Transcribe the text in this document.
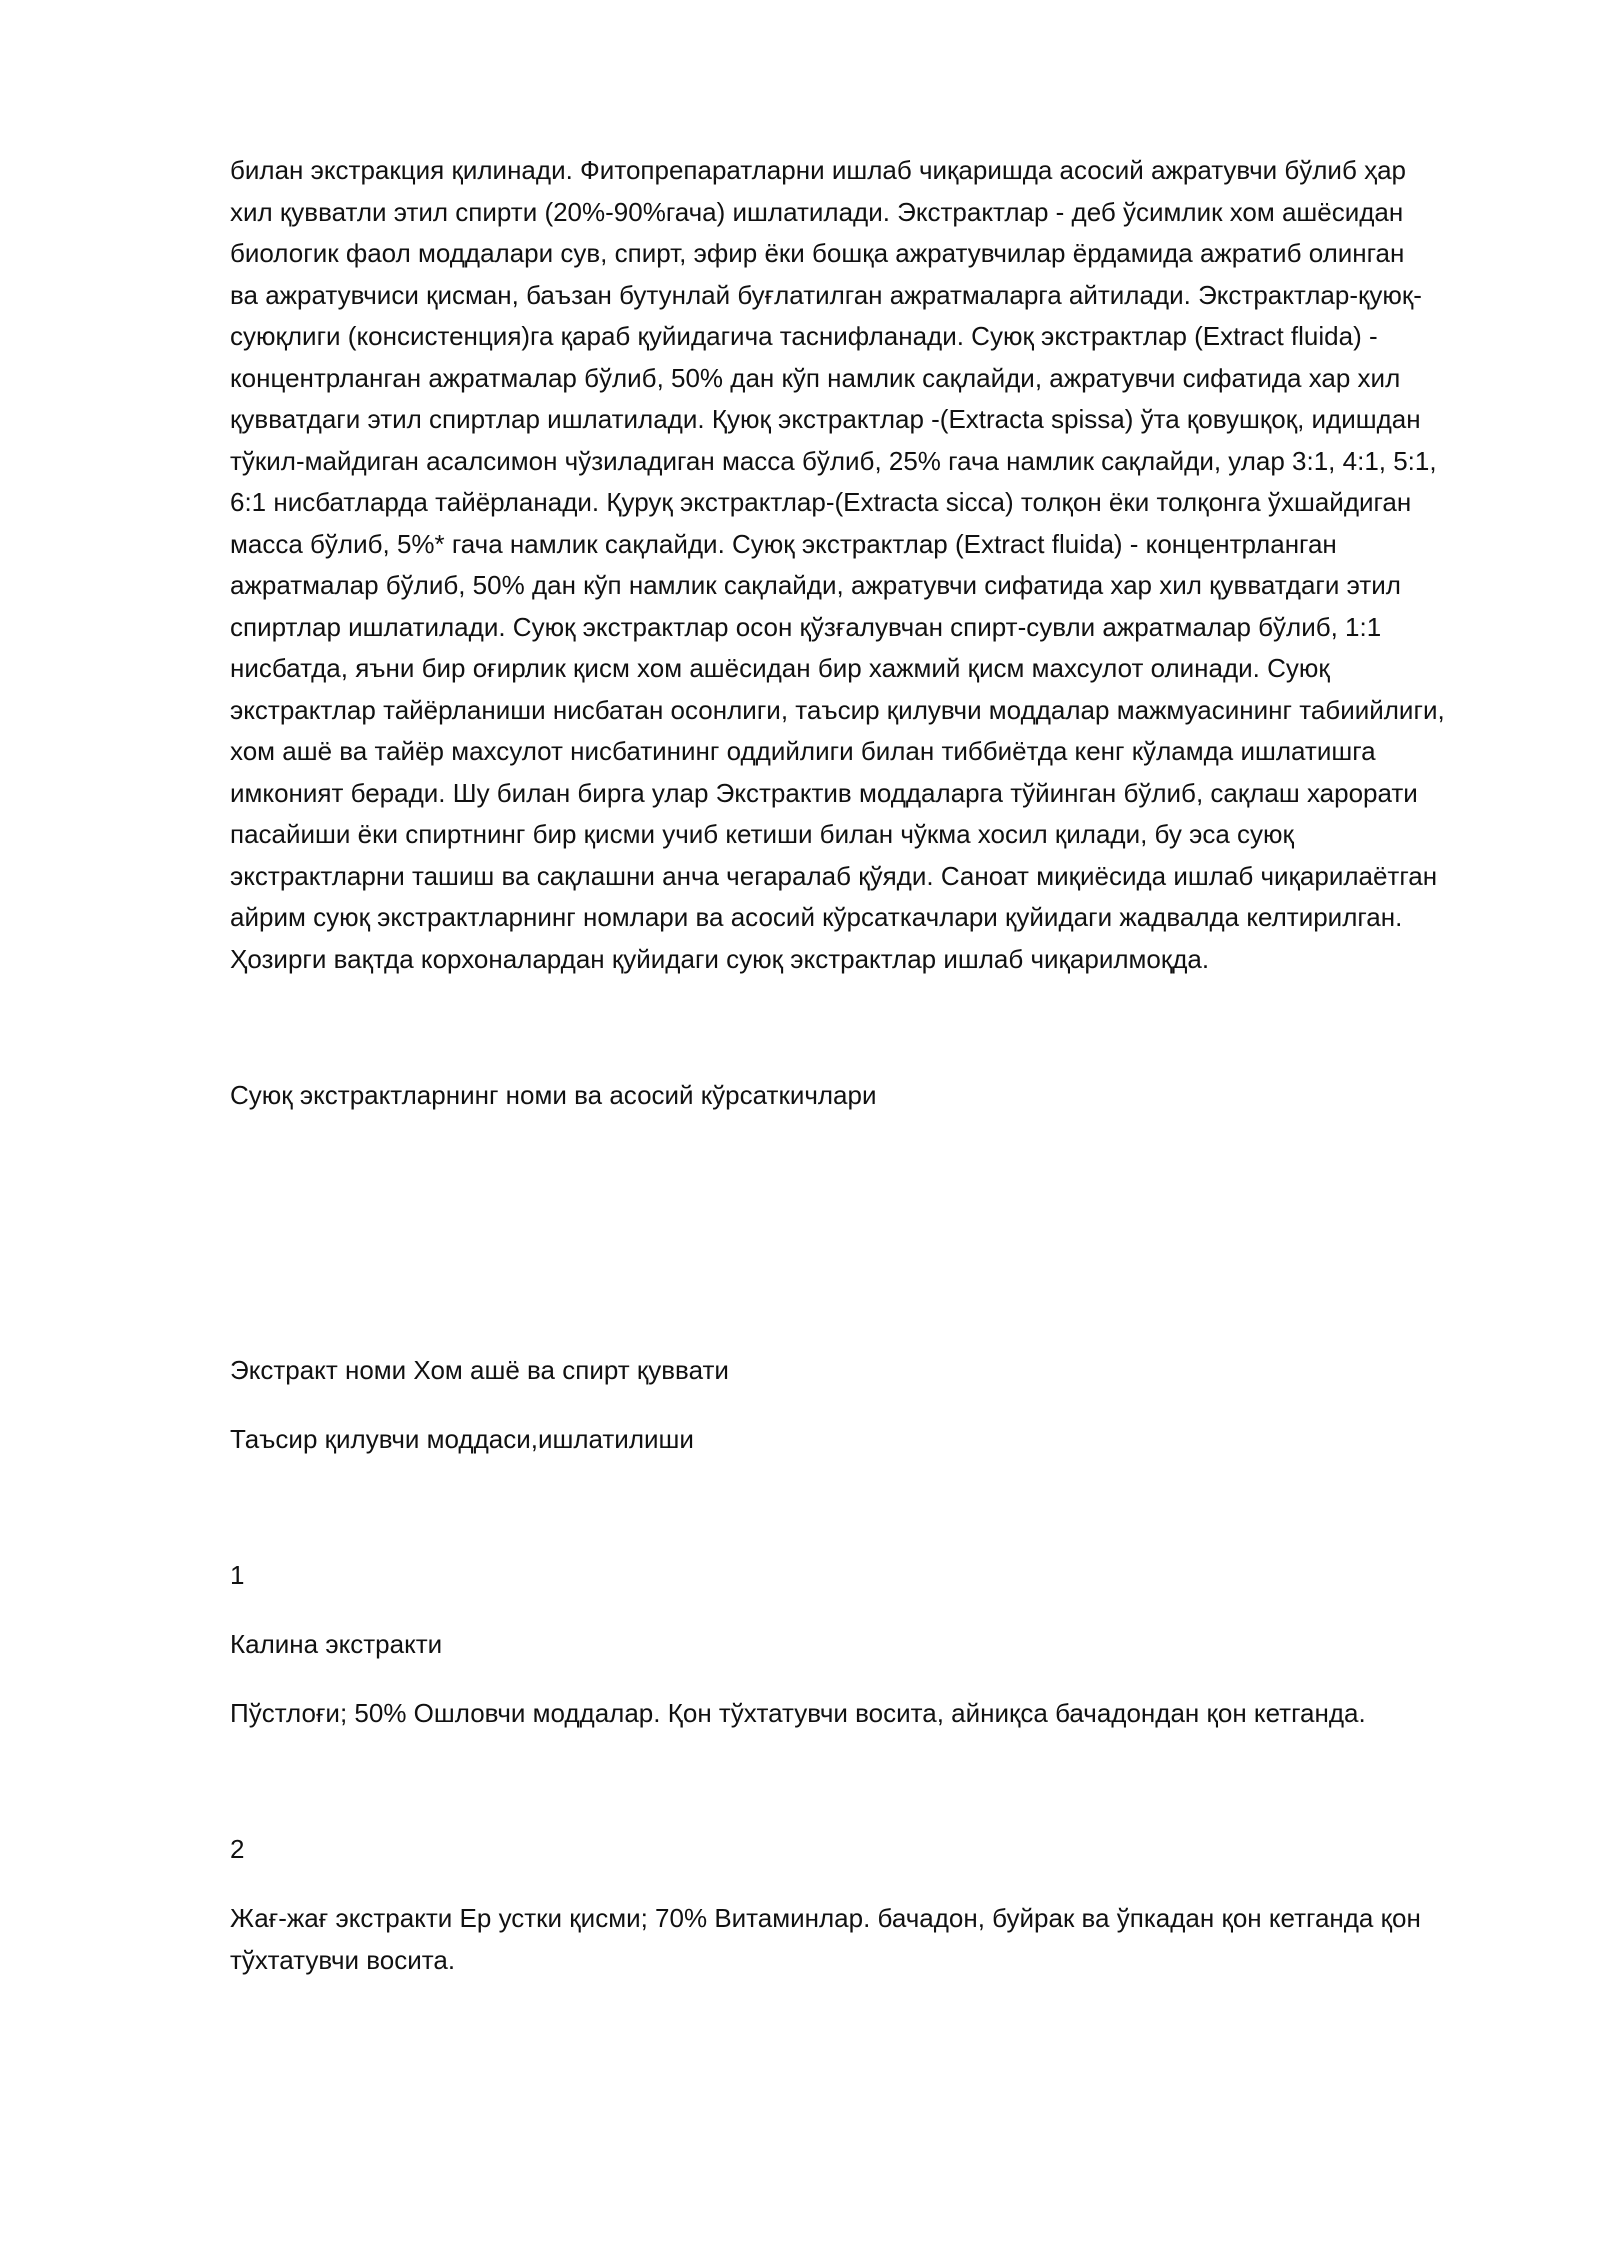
билан экстракция қилинади. Фитопрепаратларни ишлаб чиқаришда асосий ажратувчи бўлиб ҳар
хил қувватли этил спирти (20%-90%гача) ишлатилади. Экстрактлар - деб ўсимлик хом ашёсидан
биологик фаол моддалари сув, спирт, эфир ёки бошқа ажратувчилар ёрдамида ажратиб олинган
ва ажратувчиси қисман, баъзан бутунлай буғлатилган ажратмаларга айтилади. Экстрактлар-қуюқ-
суюқлиги (консистенция)га қараб қуйидагича таснифланади. Суюқ экстрактлар (Extract fluida) -
концентрланган ажратмалар бўлиб, 50% дан кўп намлик сақлайди, ажратувчи сифатида хар хил
қувватдаги этил спиртлар ишлатилади. Қуюқ экстрактлар -(Extracta spissa) ўта қовушқоқ, идишдан
тўкил-майдиган асалсимон чўзиладиган масса бўлиб, 25% гача намлик сақлайди, улар 3:1, 4:1, 5:1,
6:1 нисбатларда тайёрланади. Қуруқ экстрактлар-(Extracta sicca) толқон ёки толқонга ўхшайдиган
масса бўлиб, 5%* гача намлик сақлайди. Суюқ экстрактлар (Extract fluida) - концентрланган
ажратмалар бўлиб, 50% дан кўп намлик сақлайди, ажратувчи сифатида хар хил қувватдаги этил
спиртлар ишлатилади. Суюқ экстрактлар осон қўзғалувчан спирт-сувли ажратмалар бўлиб, 1:1
нисбатда, яъни бир оғирлик қисм хом ашёсидан бир хажмий қисм махсулот олинади. Суюқ
экстрактлар тайёрланиши нисбатан осонлиги, таъсир қилувчи моддалар мажмуасининг табиийлиги,
хом ашё ва тайёр махсулот нисбатининг оддийлиги билан тиббиётда кенг кўламда ишлатишга
имконият беради. Шу билан бирга улар Экстрактив моддаларга тўйинган бўлиб, сақлаш харорати
пасайиши ёки спиртнинг бир қисми учиб кетиши билан чўкма хосил қилади, бу эса суюқ
экстрактларни ташиш ва сақлашни анча чегаралаб қўяди. Саноат миқиёсида ишлаб чиқарилаётган
айрим суюқ экстрактларнинг номлари ва асосий кўрсаткачлари қуйидаги жадвалда келтирилган.
Ҳозирги вақтда корхоналардан қуйидаги суюқ экстрактлар ишлаб чиқарилмоқда.

Суюқ экстрактларнинг номи ва асосий кўрсаткичлари

Экстракт номи Хом ашё ва спирт қуввати

Таъсир қилувчи моддаси,ишлатилиши

1

Калина экстракти

Пўстлоғи; 50% Ошловчи моддалар. Қон тўхтатувчи восита, айниқса бачадондан қон кетганда.

2

Жағ-жағ экстракти Ер устки қисми; 70% Витаминлар. бачадон, буйрак ва ўпкадан қон кетганда қон
тўхтатувчи восита.
